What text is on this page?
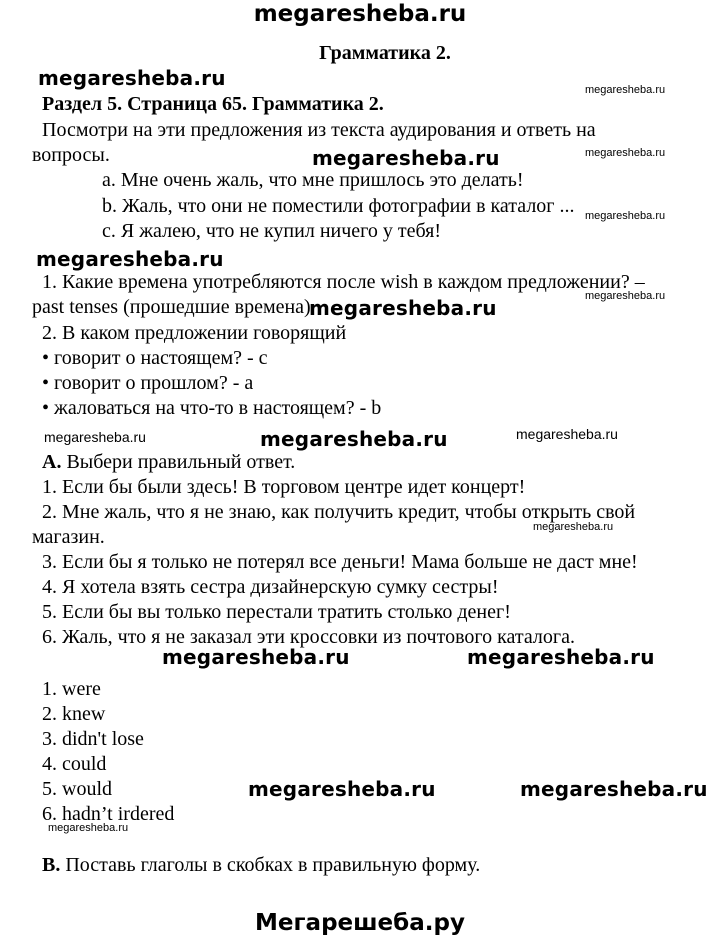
megaresheba.ru
Мегарешеба.ру
Грамматика 2.
megaresheba.ru	megaresheba.ru
megaresheba.ru	megaresheba.ru
megaresheba.ru
megaresheba.ru
megaresheba.ru
megaresheba.ru
megaresheba.ru	megaresheba.ru	megaresheba.ru
megaresheba.ru
megaresheba.ru	megaresheba.ru
megaresheba.ru	megaresheba.ru
megaresheba.ru
Раздел 5. Страница 65. Грамматика 2.
Посмотри на эти предложения из текста аудирования и ответь на
вопросы.
a. Мне очень жаль, что мне пришлось это делать!
b. Жаль, что они не поместили фотографии в каталог ...
c. Я жалею, что не купил ничего у тебя!
1. Какие времена употребляются после wish в каждом предложении? –
past tenses (прошедшие времена)
2. В каком предложении говорящий
• говорит о настоящем? - c
• говорит о прошлом? - a
• жаловаться на что-то в настоящем? - b
A. Выбери правильный ответ.
1. Если бы были здесь! В торговом центре идет концерт!
2. Мне жаль, что я не знаю, как получить кредит, чтобы открыть свой
магазин.
3. Если бы я только не потерял все деньги! Мама больше не даст мне!
4. Я хотела взять сестра дизайнерскую сумку сестры!
5. Если бы вы только перестали тратить столько денег!
6. Жаль, что я не заказал эти кроссовки из почтового каталога.
1. were
2. knew
3. didn't lose
4. could
5. would
6. hadn’t irdered
B. Поставь глаголы в скобках в правильную форму.
